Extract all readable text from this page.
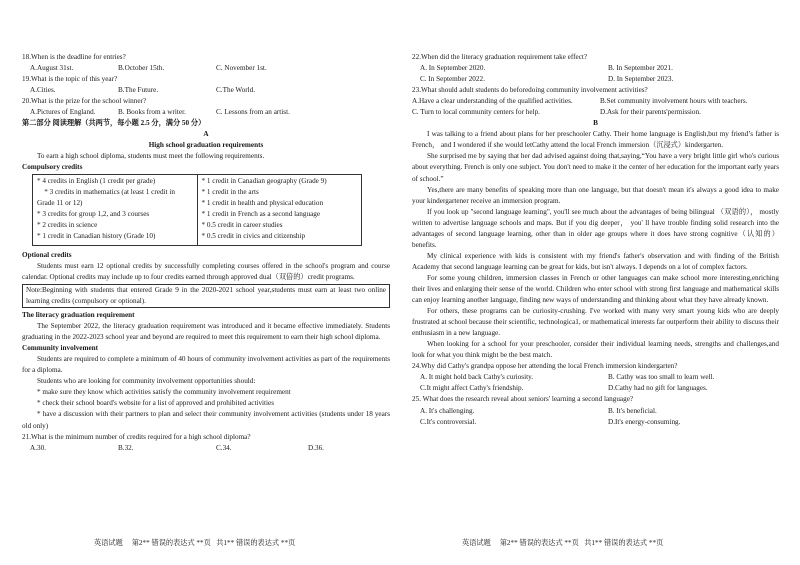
18.When is the deadline for entries?
A.August 31st.	B.October 15th.	C. November 1st.
19.What is the topic of this year?
A.Cities.	B.The Future.	C.The World.
20.What is the prize for the school winner?
A.Pictures of England.	B. Books from a writer.	C. Lessons from an artist.
第二部分 阅读理解（共两节，每小题 2.5 分，满分 50 分）
A
High school graduation requirements
To earn a high school diploma, students must meet the following requirements.
Compulsory credits
* 4 credits in English (1 credit per grade)
* 3 credits in mathematics (at least 1 credit in
Grade 11 or 12)
* 3 credits for group 1,2, and 3 courses
* 2 credits in science
* 1 credit in Canadian history (Grade 10)

* 1 credit in Canadian geography (Grade 9)
* 1 credit in the arts
* 1 credit in health and physical education
* 1 credit in French as a second language
* 0.5 credit in career studies
* 0.5 credit in civics and citizenship
Optional credits
Students must earn 12 optional credits by successfully completing courses offered in the school's program and course calendar. Optional credits may include up to four credits earned through approved dual（双倍的）credit programs.
Note:Beginning with students that entered Grade 9 in the 2020-2021 school year,students must earn at least two online learning credits (compulsory or optional).
The literacy graduation requirement
The September 2022, the literacy graduation requirement was introduced and it became effective immediately. Students graduating in the 2022-2023 school year and beyond are required to meet this requirement to earn their high school diploma.
Community involvement
Students are required to complete a minimum of 40 hours of community involvement activities as part of the requirements for a diploma.
Students who are looking for community involvement opportunities should:
* make sure they know which activities satisfy the community involvement requirement
* check their school board's website for a list of approved and prohibited activities
* have a discussion with their partners to plan and select their community involvement activities (students under 18 years old only)
21.What is the minimum number of credits required for a high school diploma?
A.30.	B.32.	C.34.	D.36.
22.When did the literacy graduation requirement take effect?
A. In September 2020.	B. In September 2021.
C. In September 2022.	D. In September 2023.
23.What should adult students do beforedoing community involvement activities?
A.Have a clear understanding of the qualified activities.	B.Set community involvement hours with teachers.
C. Turn to local community centers for help.	D.Ask for their parents'permission.
B
I was talking to a friend about plans for her preschooler Cathy. Their home language is English,but my friend’s father is French， and I wondered if she would letCathy attend the local French immersion（沉浸式）kindergarten.
She surprised me by saying that her dad advised against doing that,saying,“You have a very bright little girl who's curious about everything. French is only one subject. You don't need to make it the center of her education for the important early years of school.”
Yes,there are many benefits of speaking more than one language, but that doesn't mean it's always a good idea to make your kindergartener receive an immersion program.
If you look up "second language learning", you'll see much about the advantages of being bilingual （双语的）， mostly written to advertise language schools and maps. But if you dig deeper， you' ll have trouble finding solid research into the advantages of second language learning, other than in older age groups where it does have strong cognitive（认知的）benefits.
My clinical experience with kids is consistent with my friend's father's observation and with finding of the British Academy that second language learning can be great for kids, but isn't always. I depends on a lot of complex factors.
For some young children, immersion classes in French or other languages can make school more interesting,enriching their lives and enlarging their sense of the world. Children who enter school with strong first language and mathematical skills can enjoy learning another language, finding new ways of understanding and thinking about what they have already known.
For others, these programs can be curiosity-crushing. I've worked with many very smart young kids who are deeply frustrated at school because their scientific, technologica1, or mathematical interests far outperform their ability to discuss their enthusiasm in a new language.
When looking for a school for your preschooler, consider their individual learning needs, strengths and challenges,and look for what you think might be the best match.
24.Why did Cathy's grandpa oppose her attending the local French immersion kindergarten?
A. It might hold back Cathy's curiosity.	B. Cathy was too small to learn well.
C.It might affect Cathy's friendship.	D.Cathy had no gift for languages.
25. What does the research reveal about seniors' learning a second language?
A. It's challenging.	B. It's beneficial.
C.It's controversial.	D.It's energy-consuming.
英语试题     第2** 错误的表达式 **页   共1** 错误的表达式 **页	英语试题     第2** 错误的表达式 **页   共1** 错误的表达式 **页
